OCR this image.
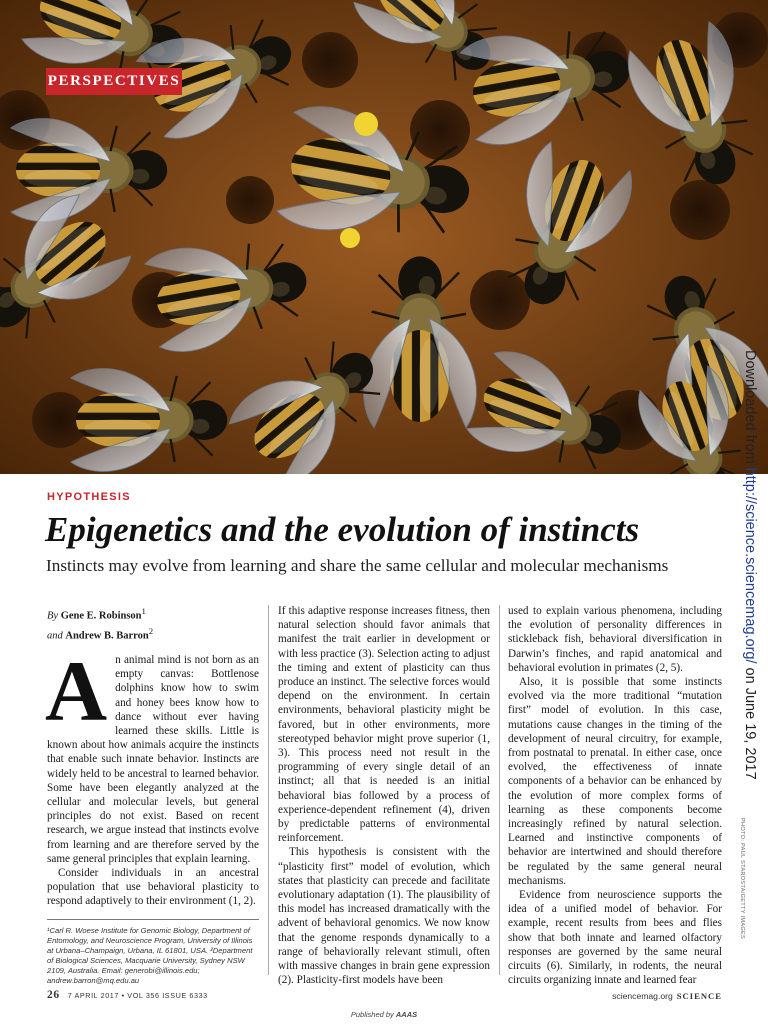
PERSPECTIVES
Downloaded from http://science.sciencemag.org/ on June 19, 2017
PHOTO: PAUL STAROSTA/GETTY IMAGES
HYPOTHESIS
Epigenetics and the evolution of instincts
Instincts may evolve from learning and share the same cellular and molecular mechanisms
By Gene E. Robinson$^1$
and Andrew B. Barron$^2$

An animal mind is not born as an empty canvas: Bottlenose dolphins know how to swim and honey bees know how to dance without ever having learned these skills. Little is known about how animals acquire the instincts that enable such innate behavior. Instincts are widely held to be ancestral to learned behavior. Some have been elegantly analyzed at the cellular and molecular levels, but general principles do not exist. Based on recent research, we argue instead that instincts evolve from learning and are therefore served by the same general principles that explain learning.

Consider individuals in an ancestral population that use behavioral plasticity to respond adaptively to their environment (1, 2).

¹Carl R. Woese Institute for Genomic Biology, Department of Entomology, and Neuroscience Program, University of Illinois at Urbana–Champaign, Urbana, IL 61801, USA. ²Department of Biological Sciences, Macquarie University, Sydney NSW 2109, Australia. Email: generobi@illinois.edu; andrew.barron@mq.edu.au

If this adaptive response increases fitness, then natural selection should favor animals that manifest the trait earlier in development or with less practice (3). Selection acting to adjust the timing and extent of plasticity can thus produce an instinct. The selective forces would depend on the environment. In certain environments, behavioral plasticity might be favored, but in other environments, more stereotyped behavior might prove superior (1, 3). This process need not result in the programming of every single detail of an instinct; all that is needed is an initial behavioral bias followed by a process of experience-dependent refinement (4), driven by predictable patterns of environmental reinforcement.

This hypothesis is consistent with the “plasticity first” model of evolution, which states that plasticity can precede and facilitate evolutionary adaptation (1). The plausibility of this model has increased dramatically with the advent of behavioral genomics. We now know that the genome responds dynamically to a range of behaviorally relevant stimuli, often with massive changes in brain gene expression (2). Plasticity-first models have been

used to explain various phenomena, including the evolution of personality differences in stickleback fish, behavioral diversification in Darwin’s finches, and rapid anatomical and behavioral evolution in primates (2, 5).

Also, it is possible that some instincts evolved via the more traditional “mutation first” model of evolution. In this case, mutations cause changes in the timing of the development of neural circuitry, for example, from postnatal to prenatal. In either case, once evolved, the effectiveness of innate components of a behavior can be enhanced by the evolution of more complex forms of learning as these components become increasingly refined by natural selection. Learned and instinctive components of behavior are intertwined and should therefore be regulated by the same general neural mechanisms.

Evidence from neuroscience supports the idea of a unified model of behavior. For example, recent results from bees and flies show that both innate and learned olfactory responses are governed by the same neural circuits (6). Similarly, in rodents, the neural circuits organizing innate and learned fear

26 7 APRIL 2017 • VOL 356 ISSUE 6333	sciencemag.org SCIENCE
Published by AAAS
